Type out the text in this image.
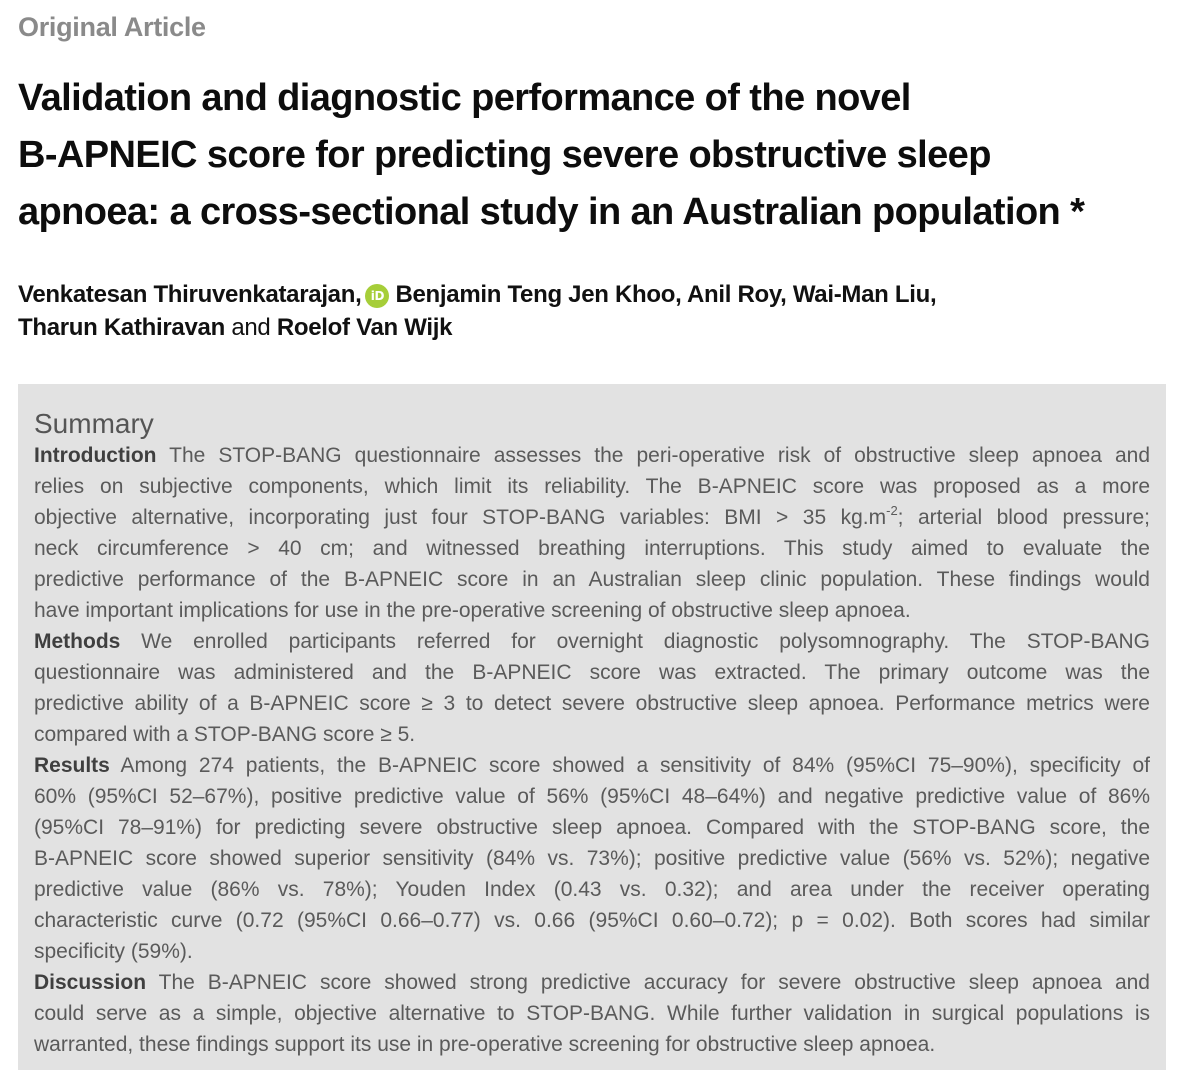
Original Article
Validation and diagnostic performance of the novel
B-APNEIC score for predicting severe obstructive sleep
apnoea: a cross-sectional study in an Australian population *
Venkatesan Thiruvenkatarajan, iD Benjamin Teng Jen Khoo, Anil Roy, Wai-Man Liu,
Tharun Kathiravan and Roelof Van Wijk
Summary
Introduction The STOP-BANG questionnaire assesses the peri-operative risk of obstructive sleep apnoea and
relies on subjective components, which limit its reliability. The B-APNEIC score was proposed as a more
objective alternative, incorporating just four STOP-BANG variables: BMI > 35 $kg.m^{-2}$; arterial blood pressure;
neck circumference > 40 cm; and witnessed breathing interruptions. This study aimed to evaluate the
predictive performance of the B-APNEIC score in an Australian sleep clinic population. These findings would
have important implications for use in the pre-operative screening of obstructive sleep apnoea.
Methods We enrolled participants referred for overnight diagnostic polysomnography. The STOP-BANG
questionnaire was administered and the B-APNEIC score was extracted. The primary outcome was the
predictive ability of a B-APNEIC score ≥ 3 to detect severe obstructive sleep apnoea. Performance metrics were
compared with a STOP-BANG score ≥ 5.
Results Among 274 patients, the B-APNEIC score showed a sensitivity of 84% (95%CI 75–90%), specificity of
60% (95%CI 52–67%), positive predictive value of 56% (95%CI 48–64%) and negative predictive value of 86%
(95%CI 78–91%) for predicting severe obstructive sleep apnoea. Compared with the STOP-BANG score, the
B-APNEIC score showed superior sensitivity (84% vs. 73%); positive predictive value (56% vs. 52%); negative
predictive value (86% vs. 78%); Youden Index (0.43 vs. 0.32); and area under the receiver operating
characteristic curve (0.72 (95%CI 0.66–0.77) vs. 0.66 (95%CI 0.60–0.72); p = 0.02). Both scores had similar
specificity (59%).
Discussion The B-APNEIC score showed strong predictive accuracy for severe obstructive sleep apnoea and
could serve as a simple, objective alternative to STOP-BANG. While further validation in surgical populations is
warranted, these findings support its use in pre-operative screening for obstructive sleep apnoea.
